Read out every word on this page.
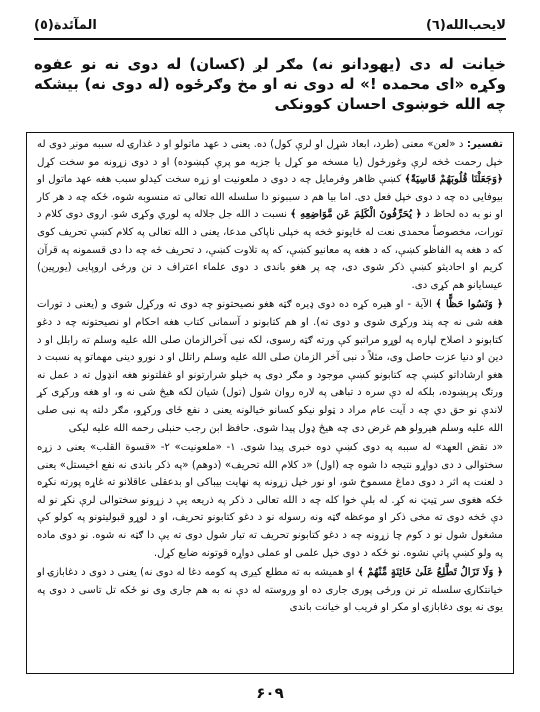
لایحب‌الله(٦)
المآئدة(٥)

خیانت له دی (یهودانو نه) مګر لږ (کسان) له دوی نه نو عفوه وکړه «ای محمده !» له دوی نه او مخ وګرځوه (له دوی نه) بیشکه چه الله خوښوی احسان کوونکی

تفسیر: د «لعن» معنی (طرد، ابعاد شړل او لرې کول) ده. یعنی د عهد ماتولو او د غدارۍ له سببه مونږ دوی له خپل رحمت څخه لرې وغورځول (یا مسخه مو کړل یا جزیه مو پرې کېښوده) او د دوی زړونه مو سخت کړل ﴿وَجَعَلْنَا قُلُوبَهُمْ قَاسِيَةً﴾ کښې ظاهر وفرمایل چه د دوی د ملعونیت او زړه سخت کیدلو سبب هغه عهد ماتول او بیوفایی ده چه د دوی خپل فعل دی. اما بیا هم د سببونو دا سلسله الله تعالی ته منسوبه شوه، ځکه چه د هر کار او نو به ده لحاظ د ﴿ يُحَرِّفُونَ الْكَلِمَ عَن مَّوَاضِعِهِ ﴾ نسبت د الله جل جلاله په لوري وکړی شو. اروی دوی کلام د تورات، مخصوصاً محمدی نعت له ځایونو څخه په خپلی ناپاکی مدعا، یعنی د الله تعالی په کلام کښې تحریف کوی که د هغه په الفاظو کښې، که د هغه په معانیو کښې، که په تلاوت کښې، د تحریف څه چه دا دی قسمونه په قرآن کریم او احادیثو کښې ذکر شوی دی، چه پر هغو باندی د دوی علماء اعتراف د نن ورځی اروپایی (یورپین) عیسایانو هم کړی دی.

﴿ وَنَسُوا حَظًّا ﴾ الآية - او هیره کړه ده دوی ډیره ګټه هغو نصیحتونو چه دوی ته ورکړل شوی و (یعنی د تورات هغه شی نه چه پند ورکړی شوی و دوی ته). او هم کتابونو د آسمانی کتاب هغه احکام او نصیحتونه چه د دغو کتابونو د اصلاح لپاره په لوړو مراتبو کې ورته ګټه رسوی، لکه نبی آخرالزمان صلی الله علیه وسلم ته رابلل او د دین او دنیا عزت حاصل وی، مثلاً د نبی آخر الزمان صلی الله علیه وسلم راتلل او د نورو دینی مهماتو په نسبت د هغو ارشاداتو کښې چه کتابونو کښې موجود و مګر دوی په خپلو شرارتونو او غفلتونو هغه انډول ته د عمل نه ورتګ پرېښوده، بلکه له دې سره د تباهی په لاره روان شول (تول) شیان لکه هیڅ شی نه و، او هغه ورکړی کړ لاندې نو حق دي چه د آیت عام مراد د ټولو نیکو کسانو خیالونه یعنی د نفع ځای ورکړو، مګر دلته په نبی صلی الله علیه وسلم هیرولو هم غرض دی چه هیڅ ډول پیدا شوی. حافظ ابن رجب حنبلی رحمه الله علیه لیکی

«د نقض العهد» له سببه په دوی کښې دوه خبری پیدا شوی. ١- «ملعونیت» ٢- «قسوة القلب» یعنی د زړه سختوالی د دی دواړو نتیجه دا شوه چه (اول) «د کلام الله تحریف» (دوهم) «په ذکر باندی نه نفع اخیستل» یعنی د لعنت په اثر د دوی دماغ مسموخ شو، او نور خپل زړونه په نهایت بیباکی او بدعقلی عاقلانو ته غاړه پورته نکړه ځکه هغوی سر ټیټ نه کړ. له بلې خوا کله چه د الله تعالی د ذکر په ذریعه یې د زړونو سختوالی لرې نکړ نو له دې څخه دوی ته مخی ذکر او موعظه ګټه ونه رسوله نو د دغو کتابونو تحریف، او د لوړو قبولیتونو په کولو کې مشغول شول نو د کوم چا زړونه چه د دغو کتابونو تحریف ته تیار شول دوی ته یې دا ګټه نه شوه. نو دوی ماده په ولو کښې پاتې نشوه. نو ځکه د دوی خپل علمی او عملی دواړه قوتونه ضایع کړل.

﴿ وَلَا تَزَالُ تَطَّلِعُ عَلَىٰ خَائِنَةٍ مِّنْهُمْ ﴾ او همیشه به ته مطلع کیږی په کومه دغا له دوی نه) یعنی د دوی د دغابازۍ او خیانتکارۍ سلسله تر نن ورځی پوری جاری ده او وروسته له دې نه به هم جاری وی نو ځکه تل تاسی د دوی په یوی نه یوی دغابازۍ او مکر او فریب او خیانت باندی

۶۰۹
